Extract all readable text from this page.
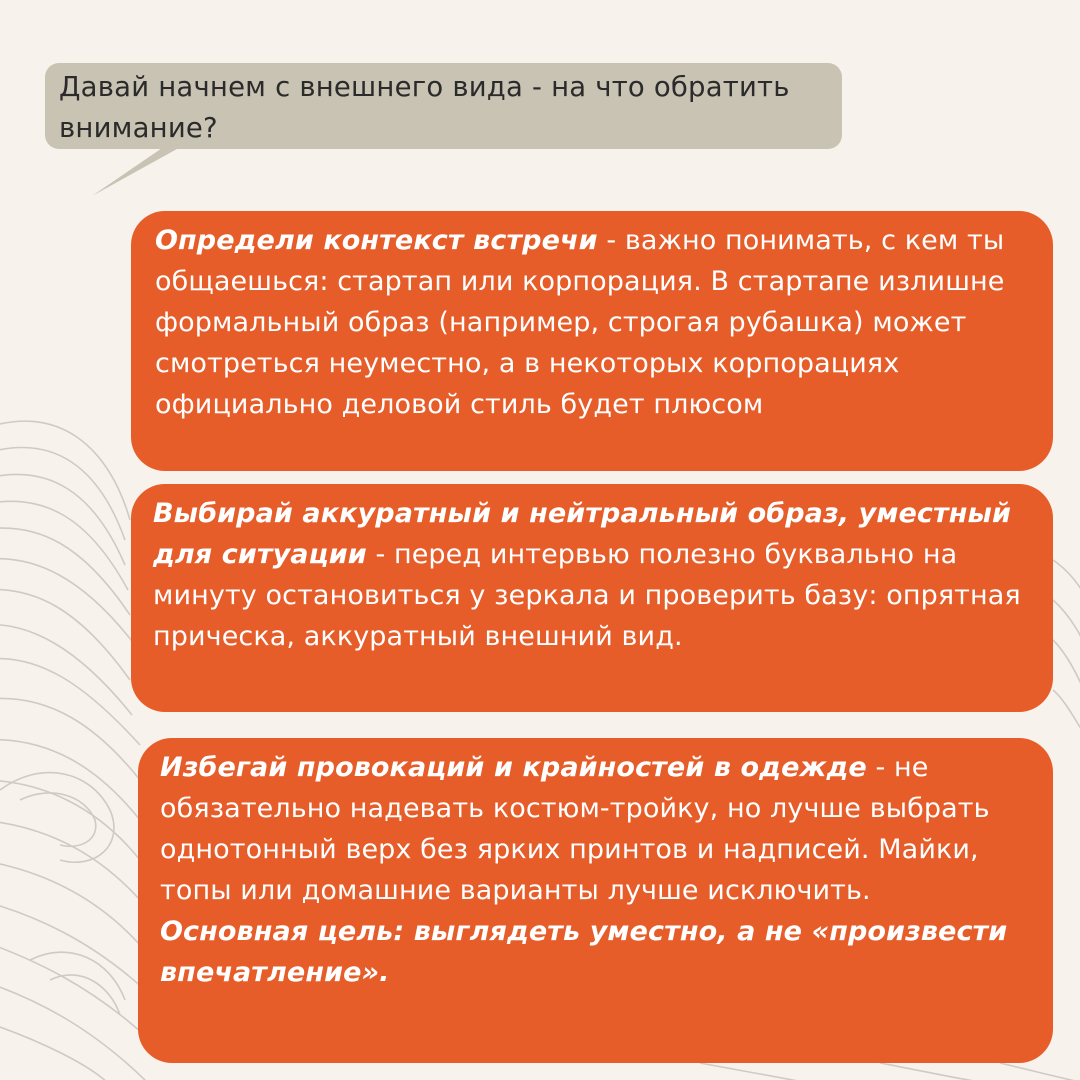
Давай начнем с внешнего вида - на что обратить внимание?

Определи контекст встречи - важно понимать, с кем ты общаешься: стартап или корпорация. В стартапе излишне формальный образ (например, строгая рубашка) может смотреться неуместно, а в некоторых корпорациях официально деловой стиль будет плюсом

Выбирай аккуратный и нейтральный образ, уместный для ситуации - перед интервью полезно буквально на минуту остановиться у зеркала и проверить базу: опрятная прическа, аккуратный внешний вид.

Избегай провокаций и крайностей в одежде - не обязательно надевать костюм-тройку, но лучше выбрать однотонный верх без ярких принтов и надписей. Майки, топы или домашние варианты лучше исключить.

Основная цель: выглядеть уместно, а не «произвести впечатление».
